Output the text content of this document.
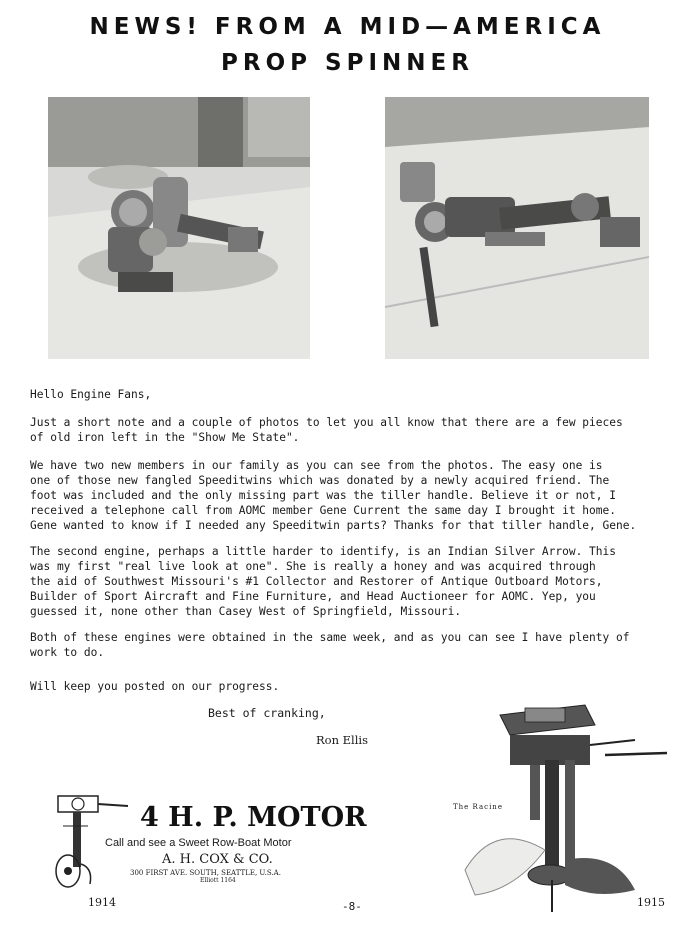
NEWS! FROM A MID—AMERICA
PROP SPINNER
Hello Engine Fans,
Just a short note and a couple of photos to let you all know that there are a few pieces
of old iron left in the "Show Me State".
We have two new members in our family as you can see from the photos. The easy one is
one of those new fangled Speeditwins which was donated by a newly acquired friend. The
foot was included and the only missing part was the tiller handle. Believe it or not, I
received a telephone call from AOMC member Gene Current the same day I brought it home.
Gene wanted to know if I needed any Speeditwin parts? Thanks for that tiller handle, Gene.
The second engine, perhaps a little harder to identify, is an Indian Silver Arrow. This
was my first "real live look at one". She is really a honey and was acquired through
the aid of Southwest Missouri's #1 Collector and Restorer of Antique Outboard Motors,
Builder of Sport Aircraft and Fine Furniture, and Head Auctioneer for AOMC. Yep, you
guessed it, none other than Casey West of Springfield, Missouri.
Both of these engines were obtained in the same week, and as you can see I have plenty of
work to do.
Will keep you posted on our progress.
Best of cranking,
Ron Ellis
4 H. P. MOTOR
Call and see a Sweet Row-Boat Motor
A. H. COX & CO.
300 FIRST AVE. SOUTH, SEATTLE, U.S.A.
Elliott 1164
1914	-8-
The Racine
1915
